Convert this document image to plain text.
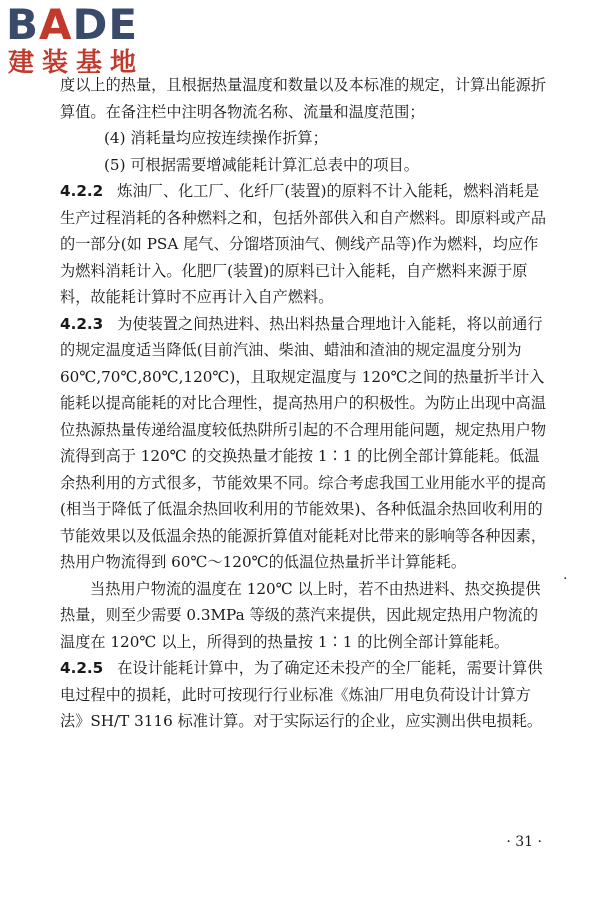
BADE
建装基地

度以上的热量，且根据热量温度和数量以及本标准的规定，计算出能源折算值。在备注栏中注明各物流名称、流量和温度范围；

(4) 消耗量均应按连续操作折算；

(5) 可根据需要增减能耗计算汇总表中的项目。

4.2.2 炼油厂、化工厂、化纤厂(装置)的原料不计入能耗，燃料消耗是生产过程消耗的各种燃料之和，包括外部供入和自产燃料。即原料或产品的一部分(如 PSA 尾气、分馏塔顶油气、侧线产品等)作为燃料，均应作为燃料消耗计入。化肥厂(装置)的原料已计入能耗，自产燃料来源于原料，故能耗计算时不应再计入自产燃料。

4.2.3 为使装置之间热进料、热出料热量合理地计入能耗，将以前通行的规定温度适当降低(目前汽油、柴油、蜡油和渣油的规定温度分别为 60℃,70℃,80℃,120℃)，且取规定温度与 120℃之间的热量折半计入能耗以提高能耗的对比合理性，提高热用户的积极性。为防止出现中高温位热源热量传递给温度较低热阱所引起的不合理用能问题，规定热用户物流得到高于 120℃ 的交换热量才能按 1∶1 的比例全部计算能耗。低温余热利用的方式很多，节能效果不同。综合考虑我国工业用能水平的提高(相当于降低了低温余热回收利用的节能效果)、各种低温余热回收利用的节能效果以及低温余热的能源折算值对能耗对比带来的影响等各种因素，热用户物流得到 60℃～120℃的低温位热量折半计算能耗。

当热用户物流的温度在 120℃ 以上时，若不由热进料、热交换提供热量，则至少需要 0.3MPa 等级的蒸汽来提供，因此规定热用户物流的温度在 120℃ 以上，所得到的热量按 1∶1 的比例全部计算能耗。

4.2.5 在设计能耗计算中，为了确定还未投产的全厂能耗，需要计算供电过程中的损耗，此时可按现行行业标准《炼油厂用电负荷设计计算方法》SH/T 3116 标准计算。对于实际运行的企业，应实测出供电损耗。

·
· 31 ·
